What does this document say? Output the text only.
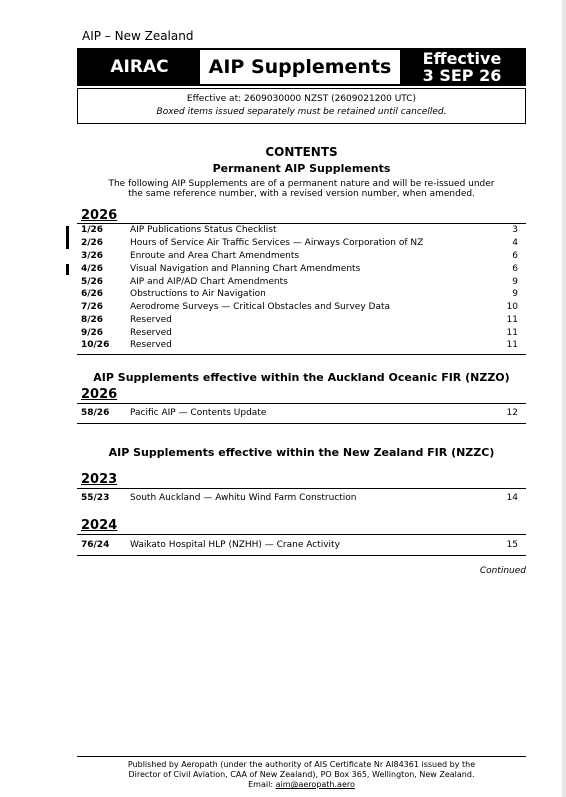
AIP – New Zealand
AIRAC	AIP Supplements	Effective
3 SEP 26
Effective at: 2609030000 NZST (2609021200 UTC)
Boxed items issued separately must be retained until cancelled.
CONTENTS
Permanent AIP Supplements
The following AIP Supplements are of a permanent nature and will be re-issued under
the same reference number, with a revised version number, when amended.
2026
1/26	AIP Publications Status Checklist	3
2/26	Hours of Service Air Traffic Services — Airways Corporation of NZ	4
3/26	Enroute and Area Chart Amendments	6
4/26	Visual Navigation and Planning Chart Amendments	6
5/26	AIP and AIP/AD Chart Amendments	9
6/26	Obstructions to Air Navigation	9
7/26	Aerodrome Surveys — Critical Obstacles and Survey Data	10
8/26	Reserved	11
9/26	Reserved	11
10/26 Reserved	11
AIP Supplements effective within the Auckland Oceanic FIR (NZZO)
2026
58/26 Pacific AIP — Contents Update	12
AIP Supplements effective within the New Zealand FIR (NZZC)
2023
55/23 South Auckland — Awhitu Wind Farm Construction	14
2024
76/24 Waikato Hospital HLP (NZHH) — Crane Activity	15
Continued
Published by Aeropath (under the authority of AIS Certificate Nr AI84361 issued by the
Director of Civil Aviation, CAA of New Zealand), PO Box 365, Wellington, New Zealand.
Email: aim@aeropath.aero
